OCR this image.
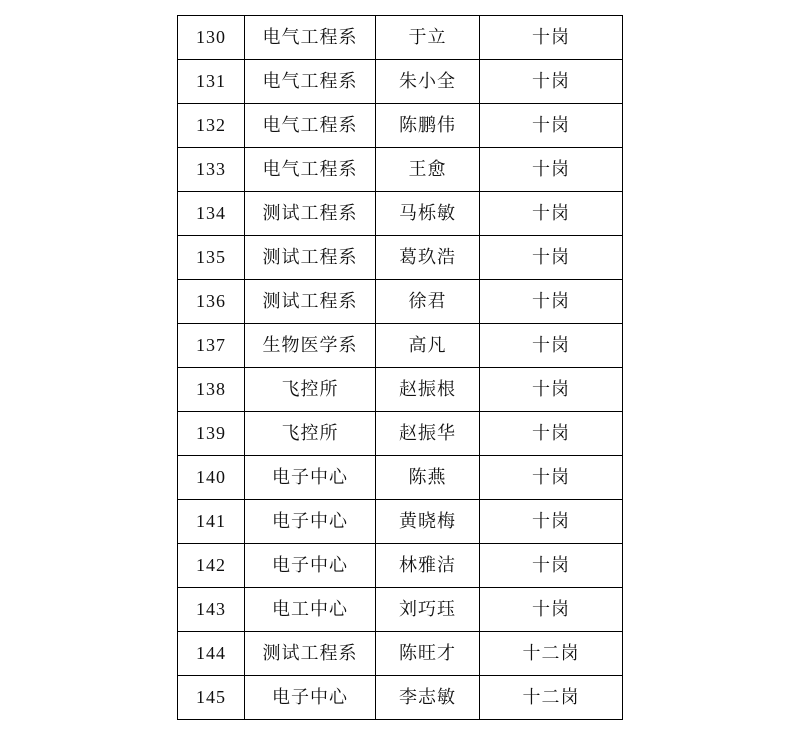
130	电气工程系	于立	十岗
131	电气工程系	朱小全	十岗
132	电气工程系	陈鹏伟	十岗
133	电气工程系	王愈	十岗
134	测试工程系	马栎敏	十岗
135	测试工程系	葛玖浩	十岗
136	测试工程系	徐君	十岗
137	生物医学系	高凡	十岗
138	飞控所	赵振根	十岗
139	飞控所	赵振华	十岗
140	电子中心	陈燕	十岗
141	电子中心	黄晓梅	十岗
142	电子中心	林雅洁	十岗
143	电工中心	刘巧珏	十岗
144	测试工程系	陈旺才	十二岗
145	电子中心	李志敏	十二岗
